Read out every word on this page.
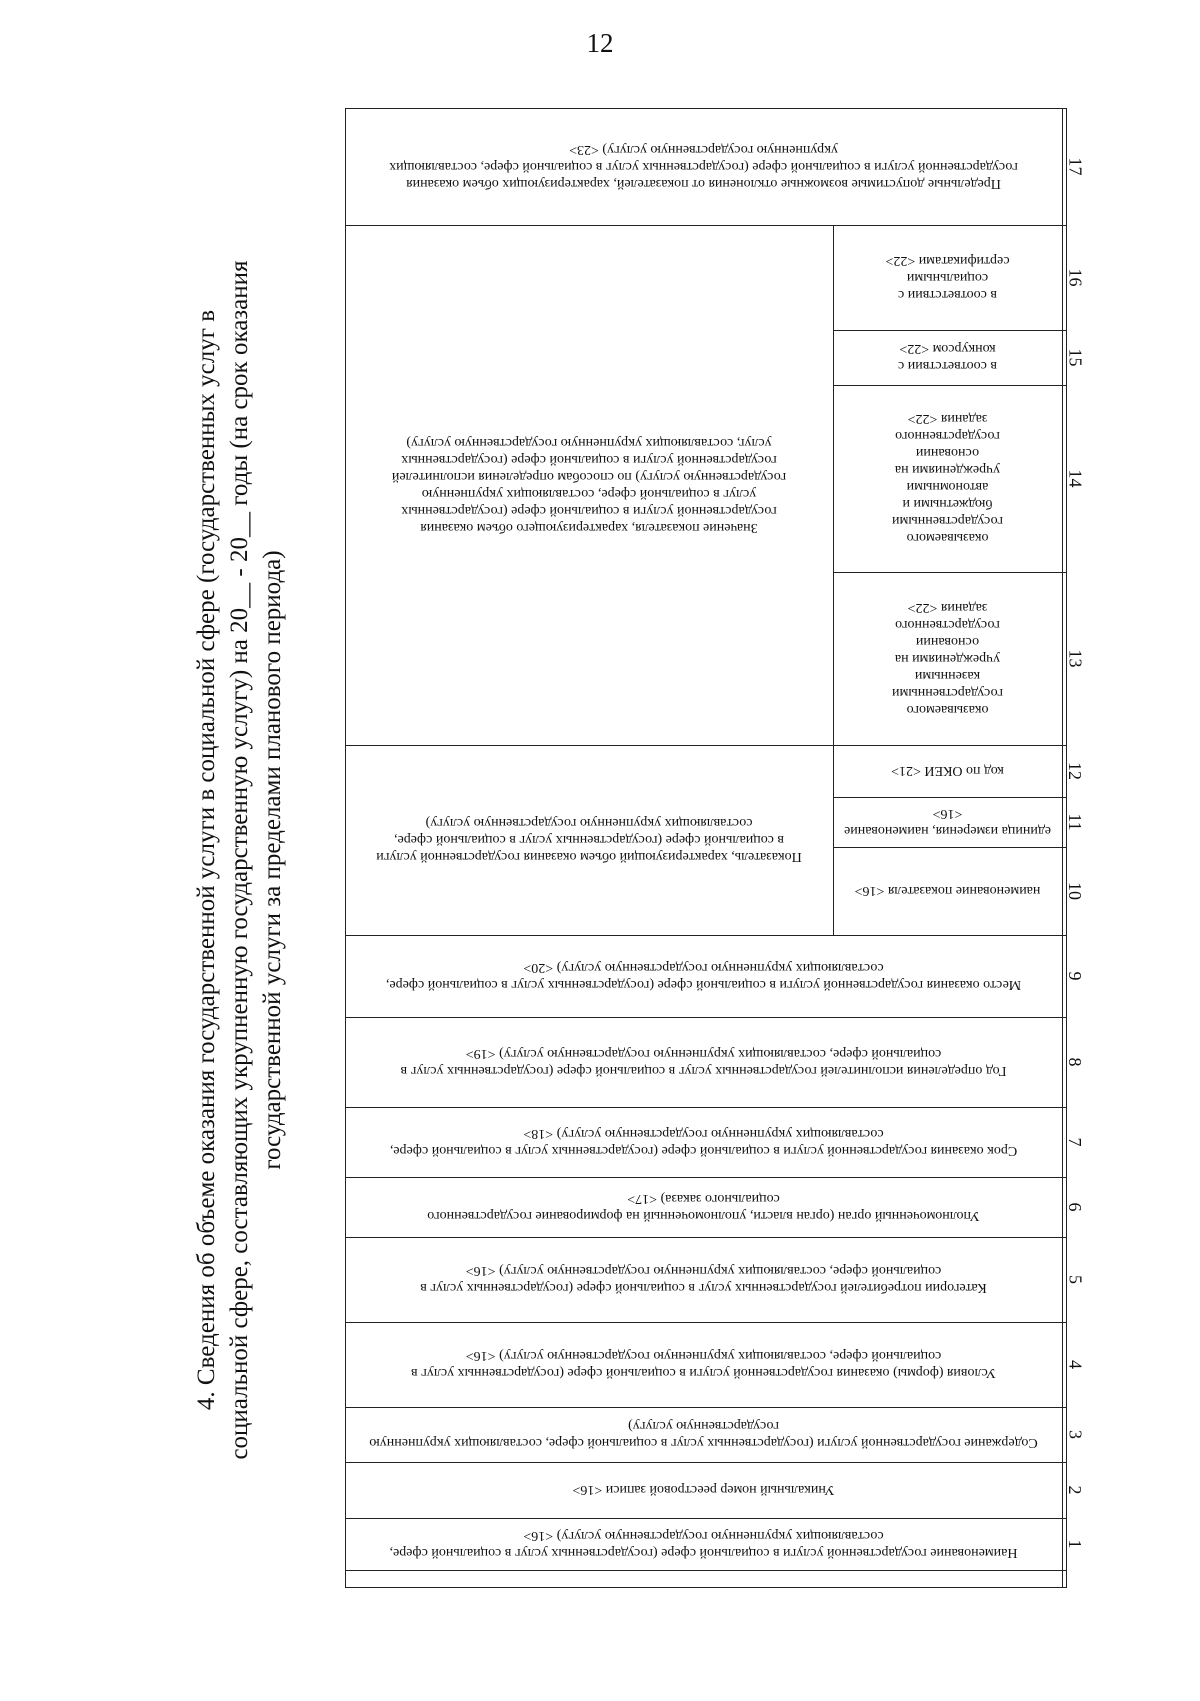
12
4. Сведения об объеме оказания государственной услуги в социальной сфере (государственных услуг в социальной сфере, составляющих укрупненную государственную услугу) на 20__ - 20__ годы (на срок оказания государственной услуги за пределами планового периода)
1
2
3
4
5
6
7
8
9
10
11
12
13
14
15
16
17
Наименование государственной услуги в социальной сфере (государственных услуг в социальной сфере, составляющих укрупненную государственную услугу) <16>
Уникальный номер реестровой записи <16>
Содержание государственной услуги (государственных услуг в социальной сфере, составляющих укрупненную государственную услугу)
Условия (формы) оказания государственной услуги в социальной сфере (государственных услуг в социальной сфере, составляющих укрупненную государственную услугу) <16>
Категории потребителей государственных услуг в социальной сфере (государственных услуг в социальной сфере, составляющих укрупненную государственную услугу) <16>
Уполномоченный орган (орган власти, уполномоченный на формирование государственного социального заказа) <17>
Срок оказания государственной услуги в социальной сфере (государственных услуг в социальной сфере, составляющих укрупненную государственную услугу) <18>
Год определения исполнителей государственных услуг в социальной сфере (государственных услуг в социальной сфере, составляющих укрупненную государственную услугу) <19>
Место оказания государственной услуги в социальной сфере (государственных услуг в социальной сфере, составляющих укрупненную государственную услугу) <20>
Показатель, характеризующий объем оказания государственной услуги в социальной сфере (государственных услуг в социальной сфере, составляющих укрупненную государственную услугу)
наименование показателя <16>
единица измерения, наименование <16>
код по ОКЕИ <21>
Значение показателя, характеризующего объем оказания государственной услуги в социальной сфере (государственных услуг в социальной сфере, составляющих укрупненную государственную услугу) по способам определения исполнителей государственной услуги в социальной сфере (государственных услуг, составляющих укрупненную государственную услугу)
оказываемого государственными казенными учреждениями на основании государственного задания <22>
оказываемого государственными бюджетными и автономными учреждениями на основании государственного задания <22>
в соответствии с конкурсом <22>
в соответствии с социальными сертификатами <22>
Предельные допустимые возможные отклонения от показателей, характеризующих объем оказания государственной услуги в социальной сфере (государственных услуг в социальной сфере, составляющих укрупненную государственную услугу) <23>
